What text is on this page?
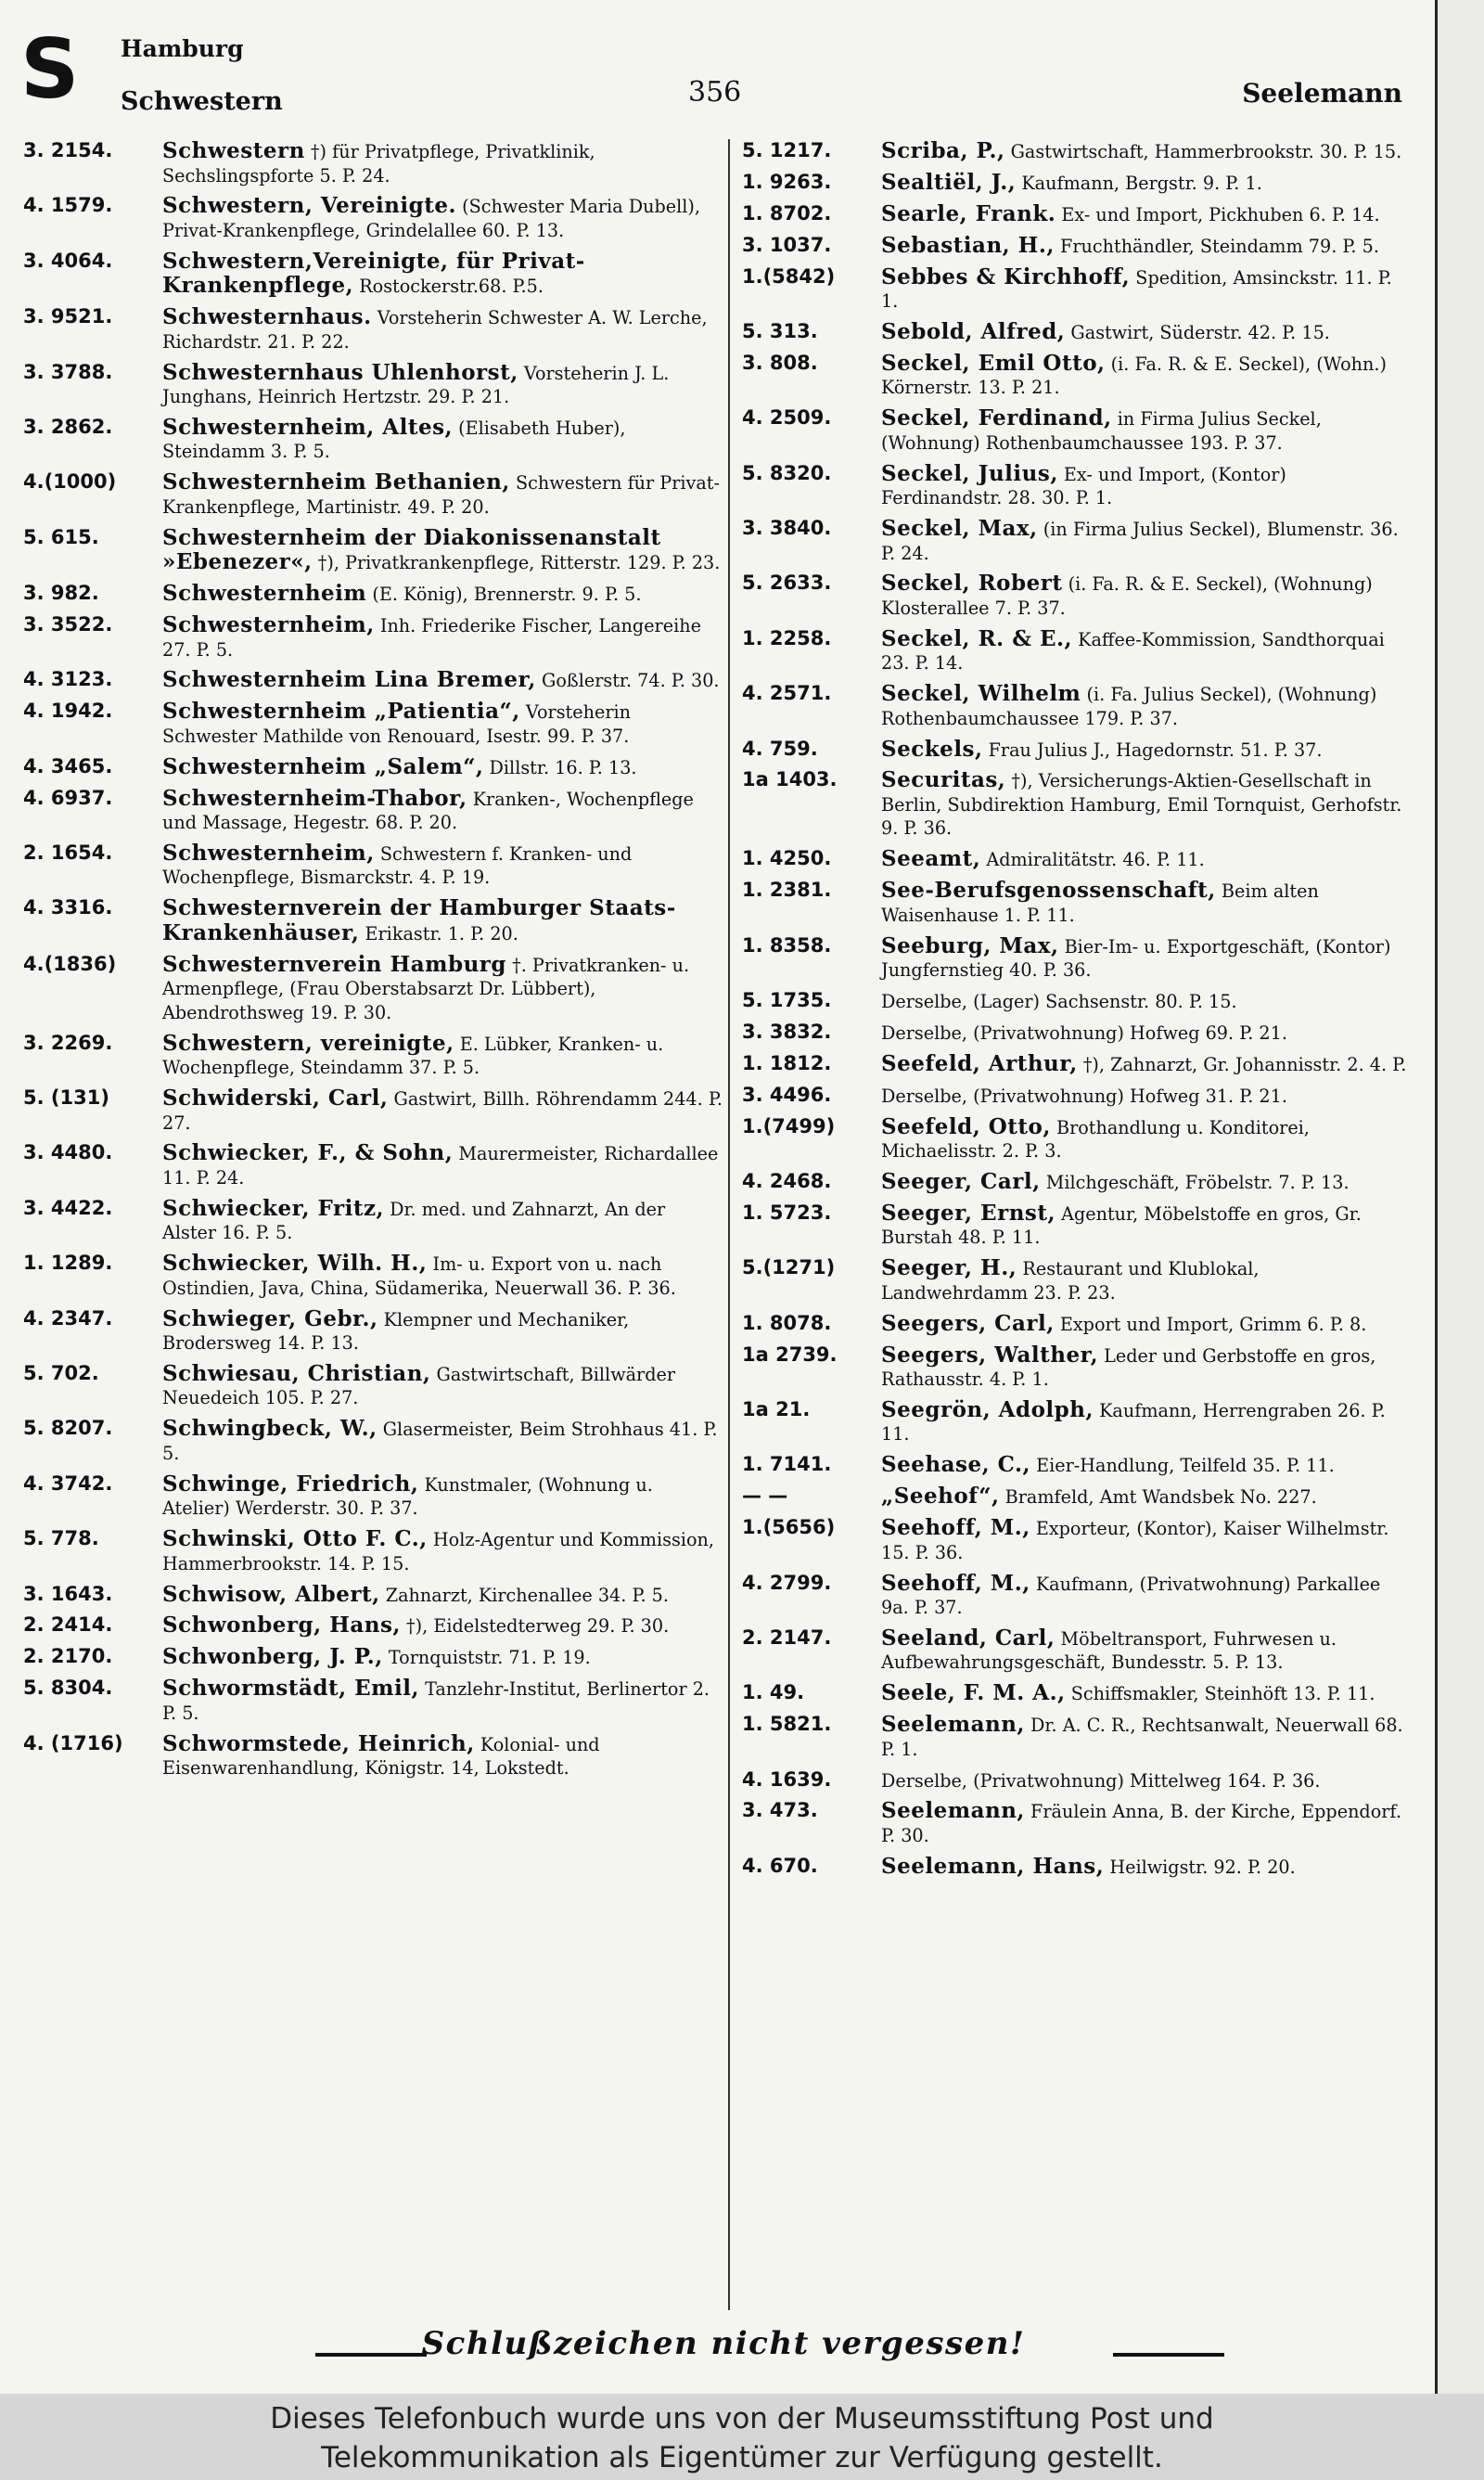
S Hamburg
Schwestern	356	Seelemann
3. 2154.	Schwestern †) für Privatpflege, Privatklinik, Sechslingspforte 5. P. 24.
4. 1579.	Schwestern, Vereinigte. (Schwester Maria Dubell), Privat-Krankenpflege, Grindelallee 60. P. 13.
3. 4064.	Schwestern,Vereinigte, für Privat-Krankenpflege, Rostockerstr.68. P.5.
3. 9521.	Schwesternhaus. Vorsteherin Schwester A. W. Lerche, Richardstr. 21. P. 22.
3. 3788.	Schwesternhaus Uhlenhorst, Vorsteherin J. L. Junghans, Heinrich Hertzstr. 29. P. 21.
3. 2862.	Schwesternheim, Altes, (Elisabeth Huber), Steindamm 3. P. 5.
4.(1000)	Schwesternheim Bethanien, Schwestern für Privat-Krankenpflege, Martinistr. 49. P. 20.
5. 615.	Schwesternheim der Diakonissenanstalt »Ebenezer«, †), Privatkrankenpflege, Ritterstr. 129. P. 23.
3. 982.	Schwesternheim (E. König), Brennerstr. 9. P. 5.
3. 3522.	Schwesternheim, Inh. Friederike Fischer, Langereihe 27. P. 5.
4. 3123.	Schwesternheim Lina Bremer, Goßlerstr. 74. P. 30.
4. 1942.	Schwesternheim „Patientia“, Vorsteherin Schwester Mathilde von Renouard, Isestr. 99. P. 37.
4. 3465.	Schwesternheim „Salem“, Dillstr. 16. P. 13.
4. 6937.	Schwesternheim-Thabor, Kranken-, Wochenpflege und Massage, Hegestr. 68. P. 20.
2. 1654.	Schwesternheim, Schwestern f. Kranken- und Wochenpflege, Bismarckstr. 4. P. 19.
4. 3316.	Schwesternverein der Hamburger Staats-Krankenhäuser, Erikastr. 1. P. 20.
4.(1836)	Schwesternverein Hamburg †. Privatkranken- u. Armenpflege, (Frau Oberstabsarzt Dr. Lübbert), Abendrothsweg 19. P. 30.
3. 2269.	Schwestern, vereinigte, E. Lübker, Kranken- u. Wochenpflege, Steindamm 37. P. 5.
5. (131)	Schwiderski, Carl, Gastwirt, Billh. Röhrendamm 244. P. 27.
3. 4480.	Schwiecker, F., & Sohn, Maurermeister, Richardallee 11. P. 24.
3. 4422.	Schwiecker, Fritz, Dr. med. und Zahnarzt, An der Alster 16. P. 5.
1. 1289.	Schwiecker, Wilh. H., Im- u. Export von u. nach Ostindien, Java, China, Südamerika, Neuerwall 36. P. 36.
4. 2347.	Schwieger, Gebr., Klempner und Mechaniker, Brodersweg 14. P. 13.
5. 702.	Schwiesau, Christian, Gastwirtschaft, Billwärder Neuedeich 105. P. 27.
5. 8207.	Schwingbeck, W., Glasermeister, Beim Strohhaus 41. P. 5.
4. 3742.	Schwinge, Friedrich, Kunstmaler, (Wohnung u. Atelier) Werderstr. 30. P. 37.
5. 778.	Schwinski, Otto F. C., Holz-Agentur und Kommission, Hammerbrookstr. 14. P. 15.
3. 1643.	Schwisow, Albert, Zahnarzt, Kirchenallee 34. P. 5.
2. 2414.	Schwonberg, Hans, †), Eidelstedterweg 29. P. 30.
2. 2170.	Schwonberg, J. P., Tornquiststr. 71. P. 19.
5. 8304.	Schwormstädt, Emil, Tanzlehr-Institut, Berlinertor 2. P. 5.
4. (1716)	Schwormstede, Heinrich, Kolonial- und Eisenwarenhandlung, Königstr. 14, Lokstedt.
5. 1217.	Scriba, P., Gastwirtschaft, Hammerbrookstr. 30. P. 15.
1. 9263.	Sealtiël, J., Kaufmann, Bergstr. 9. P. 1.
1. 8702.	Searle, Frank. Ex- und Import, Pickhuben 6. P. 14.
3. 1037.	Sebastian, H., Fruchthändler, Steindamm 79. P. 5.
1.(5842)	Sebbes & Kirchhoff, Spedition, Amsinckstr. 11. P. 1.
5. 313.	Sebold, Alfred, Gastwirt, Süderstr. 42. P. 15.
3. 808.	Seckel, Emil Otto, (i. Fa. R. & E. Seckel), (Wohn.) Körnerstr. 13. P. 21.
4. 2509.	Seckel, Ferdinand, in Firma Julius Seckel, (Wohnung) Rothenbaumchaussee 193. P. 37.
5. 8320.	Seckel, Julius, Ex- und Import, (Kontor) Ferdinandstr. 28. 30. P. 1.
3. 3840.	Seckel, Max, (in Firma Julius Seckel), Blumenstr. 36. P. 24.
5. 2633.	Seckel, Robert (i. Fa. R. & E. Seckel), (Wohnung) Klosterallee 7. P. 37.
1. 2258.	Seckel, R. & E., Kaffee-Kommission, Sandthorquai 23. P. 14.
4. 2571.	Seckel, Wilhelm (i. Fa. Julius Seckel), (Wohnung) Rothenbaumchaussee 179. P. 37.
4. 759.	Seckels, Frau Julius J., Hagedornstr. 51. P. 37.
1a 1403.	Securitas, †), Versicherungs-Aktien-Gesellschaft in Berlin, Subdirektion Hamburg, Emil Tornquist, Gerhofstr. 9. P. 36.
1. 4250.	Seeamt, Admiralitätstr. 46. P. 11.
1. 2381.	See-Berufsgenossenschaft, Beim alten Waisenhause 1. P. 11.
1. 8358.	Seeburg, Max, Bier-Im- u. Exportgeschäft, (Kontor) Jungfernstieg 40. P. 36.
5. 1735.	Derselbe, (Lager) Sachsenstr. 80. P. 15.
3. 3832.	Derselbe, (Privatwohnung) Hofweg 69. P. 21.
1. 1812.	Seefeld, Arthur, †), Zahnarzt, Gr. Johannisstr. 2. 4. P.
3. 4496.	Derselbe, (Privatwohnung) Hofweg 31. P. 21.
1.(7499)	Seefeld, Otto, Brothandlung u. Konditorei, Michaelisstr. 2. P. 3.
4. 2468.	Seeger, Carl, Milchgeschäft, Fröbelstr. 7. P. 13.
1. 5723.	Seeger, Ernst, Agentur, Möbelstoffe en gros, Gr. Burstah 48. P. 11.
5.(1271)	Seeger, H., Restaurant und Klublokal, Landwehrdamm 23. P. 23.
1. 8078.	Seegers, Carl, Export und Import, Grimm 6. P. 8.
1a 2739.	Seegers, Walther, Leder und Gerbstoffe en gros, Rathausstr. 4. P. 1.
1a 21.	Seegrön, Adolph, Kaufmann, Herrengraben 26. P. 11.
1. 7141.	Seehase, C., Eier-Handlung, Teilfeld 35. P. 11.
— —	„Seehof“, Bramfeld, Amt Wandsbek No. 227.
1.(5656)	Seehoff, M., Exporteur, (Kontor), Kaiser Wilhelmstr. 15. P. 36.
4. 2799.	Seehoff, M., Kaufmann, (Privatwohnung) Parkallee 9a. P. 37.
2. 2147.	Seeland, Carl, Möbeltransport, Fuhrwesen u. Aufbewahrungsgeschäft, Bundesstr. 5. P. 13.
1. 49.	Seele, F. M. A., Schiffsmakler, Steinhöft 13. P. 11.
1. 5821.	Seelemann, Dr. A. C. R., Rechtsanwalt, Neuerwall 68. P. 1.
4. 1639.	Derselbe, (Privatwohnung) Mittelweg 164. P. 36.
3. 473.	Seelemann, Fräulein Anna, B. der Kirche, Eppendorf. P. 30.
4. 670.	Seelemann, Hans, Heilwigstr. 92. P. 20.
Schlußzeichen nicht vergessen!
Dieses Telefonbuch wurde uns von der Museumsstiftung Post und
Telekommunikation als Eigentümer zur Verfügung gestellt.
